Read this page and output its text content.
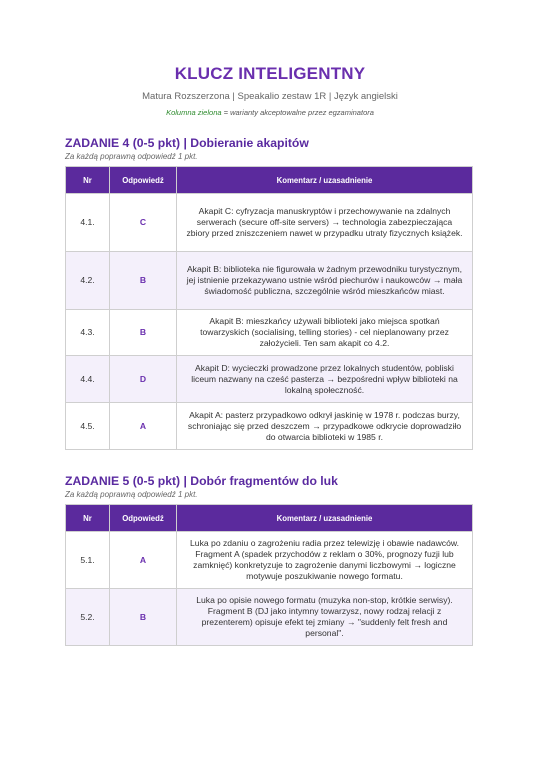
KLUCZ INTELIGENTNY
Matura Rozszerzona | Speakalio zestaw 1R | Język angielski
Kolumna zielona = warianty akceptowalne przez egzaminatora
ZADANIE 4 (0-5 pkt) | Dobieranie akapitów
Za każdą poprawną odpowiedź 1 pkt.
Nr	Odpowiedź	Komentarz / uzasadnienie
4.1.	C	Akapit C: cyfryzacja manuskryptów i przechowywanie na zdalnych serwerach (secure off-site servers) → technologia zabezpieczająca zbiory przed zniszczeniem nawet w przypadku utraty fizycznych książek.
4.2.	B	Akapit B: biblioteka nie figurowała w żadnym przewodniku turystycznym, jej istnienie przekazywano ustnie wśród piechurów i naukowców → mała świadomość publiczna, szczególnie wśród mieszkańców miast.
4.3.	B	Akapit B: mieszkańcy używali biblioteki jako miejsca spotkań towarzyskich (socialising, telling stories) - cel nieplanowany przez założycieli. Ten sam akapit co 4.2.
4.4.	D	Akapit D: wycieczki prowadzone przez lokalnych studentów, pobliski liceum nazwany na cześć pasterza → bezpośredni wpływ biblioteki na lokalną społeczność.
4.5.	A	Akapit A: pasterz przypadkowo odkrył jaskinię w 1978 r. podczas burzy, schroniając się przed deszczem → przypadkowe odkrycie doprowadziło do otwarcia biblioteki w 1985 r.
ZADANIE 5 (0-5 pkt) | Dobór fragmentów do luk
Za każdą poprawną odpowiedź 1 pkt.
Nr	Odpowiedź	Komentarz / uzasadnienie
5.1.	A	Luka po zdaniu o zagrożeniu radia przez telewizję i obawie nadawców. Fragment A (spadek przychodów z reklam o 30%, prognozy fuzji lub zamknięć) konkretyzuje to zagrożenie danymi liczbowymi → logiczne motywuje poszukiwanie nowego formatu.
5.2.	B	Luka po opisie nowego formatu (muzyka non-stop, krótkie serwisy). Fragment B (DJ jako intymny towarzysz, nowy rodzaj relacji z prezenterem) opisuje efekt tej zmiany → "suddenly felt fresh and personal".
